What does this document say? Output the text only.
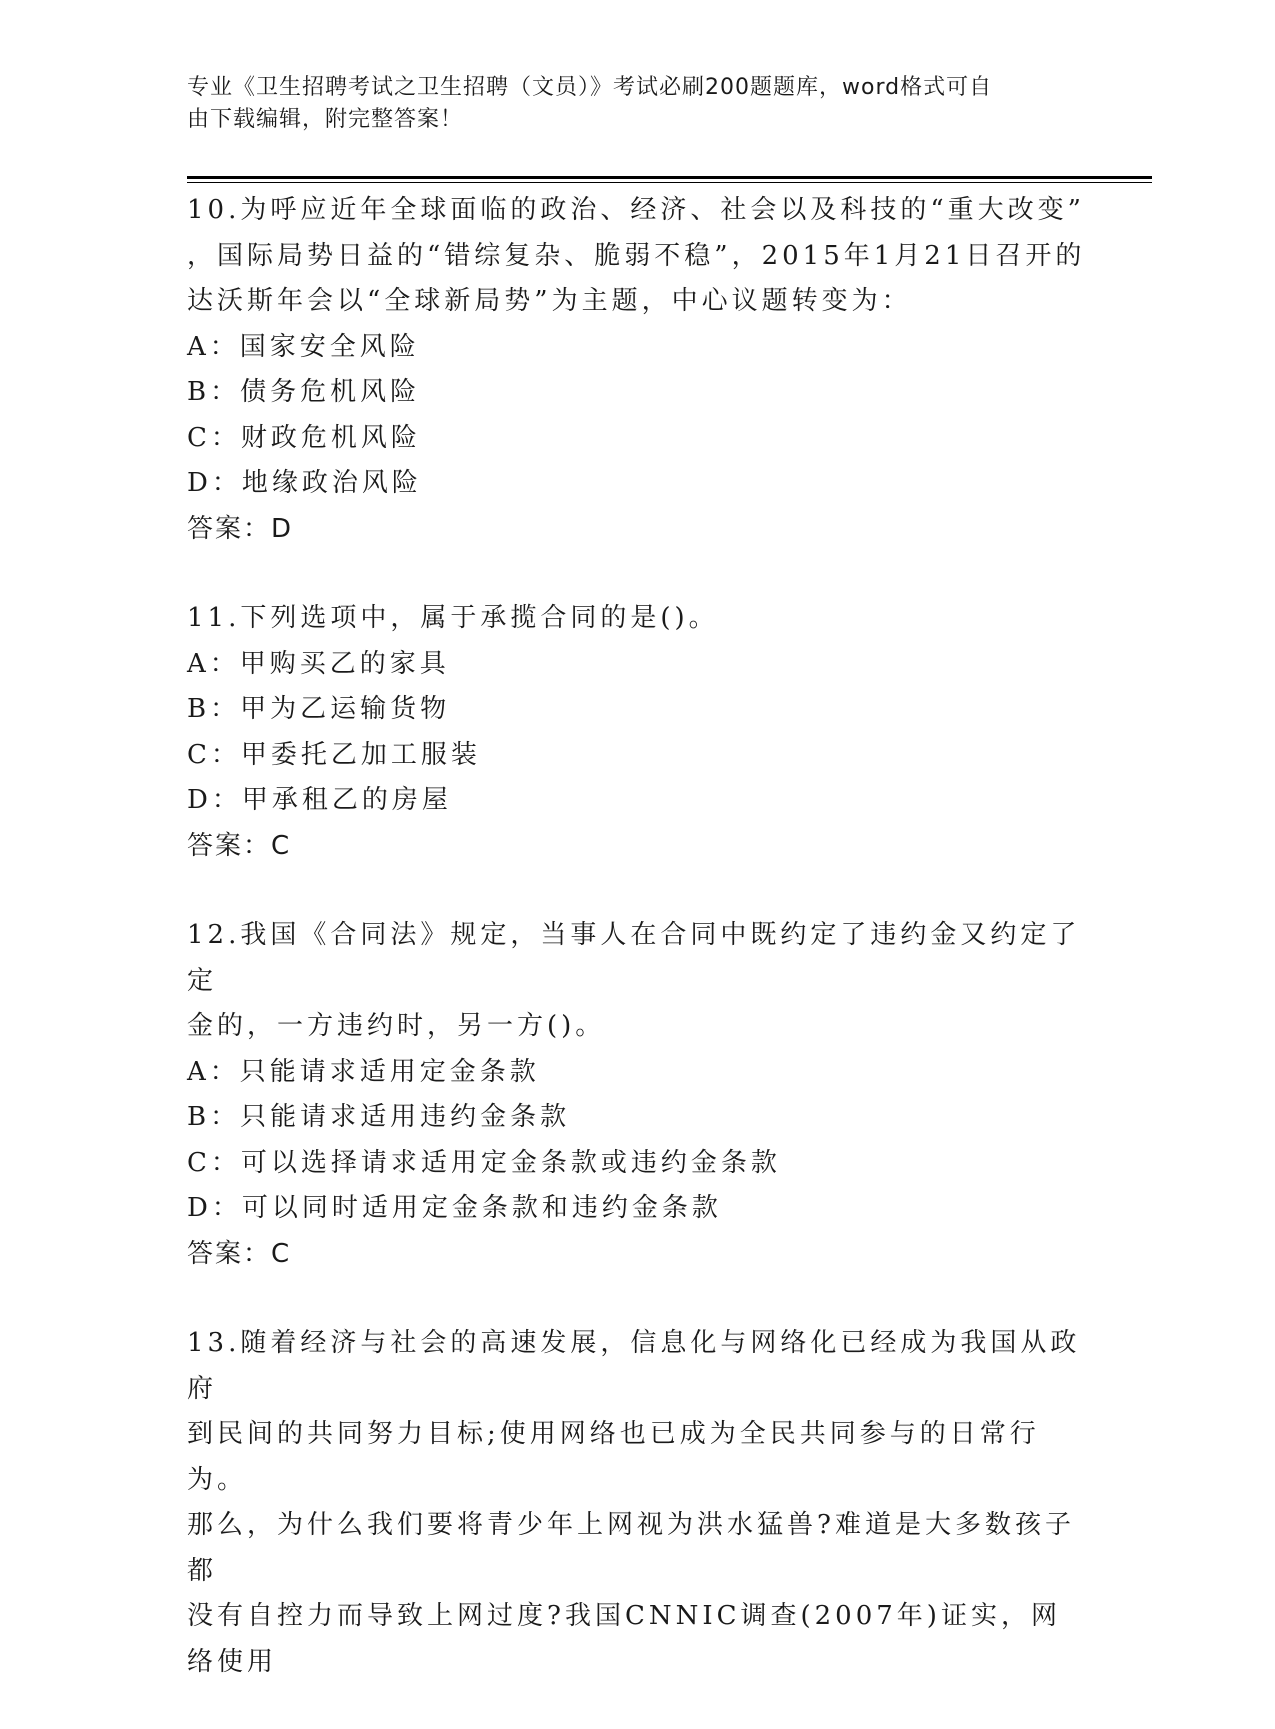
专业《卫生招聘考试之卫生招聘（文员）》考试必刷200题题库，word格式可自
由下载编辑，附完整答案！

10.为呼应近年全球面临的政治、经济、社会以及科技的“重大改变”

，国际局势日益的“错综复杂、脆弱不稳”，2015年1月21日召开的

达沃斯年会以“全球新局势”为主题，中心议题转变为：

A：国家安全风险

B：债务危机风险

C：财政危机风险

D：地缘政治风险

答案：D

11.下列选项中，属于承揽合同的是()。

A：甲购买乙的家具

B：甲为乙运输货物

C：甲委托乙加工服装

D：甲承租乙的房屋

答案：C

12.我国《合同法》规定，当事人在合同中既约定了违约金又约定了定

金的，一方违约时，另一方()。

A：只能请求适用定金条款

B：只能请求适用违约金条款

C：可以选择请求适用定金条款或违约金条款

D：可以同时适用定金条款和违约金条款

答案：C

13.随着经济与社会的高速发展，信息化与网络化已经成为我国从政府

到民间的共同努力目标;使用网络也已成为全民共同参与的日常行为。

那么，为什么我们要将青少年上网视为洪水猛兽?难道是大多数孩子都

没有自控力而导致上网过度?我国CNNIC调查(2007年)证实，网络使用
